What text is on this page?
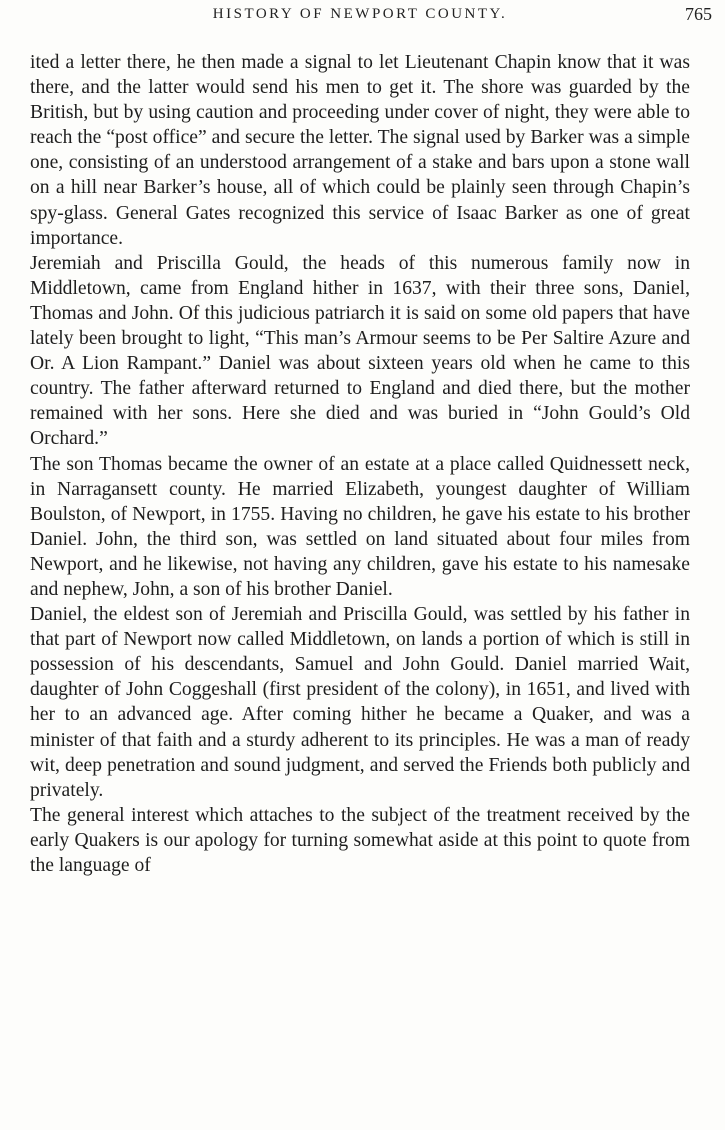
HISTORY OF NEWPORT COUNTY.	765

ited a letter there, he then made a signal to let Lieutenant Chapin know that it was there, and the latter would send his men to get it. The shore was guarded by the British, but by using caution and proceeding under cover of night, they were able to reach the “post office” and secure the letter. The signal used by Barker was a simple one, consisting of an understood arrangement of a stake and bars upon a stone wall on a hill near Barker’s house, all of which could be plainly seen through Chapin’s spy-glass. General Gates recognized this service of Isaac Barker as one of great importance.

Jeremiah and Priscilla Gould, the heads of this numerous family now in Middletown, came from England hither in 1637, with their three sons, Daniel, Thomas and John. Of this judicious patriarch it is said on some old papers that have lately been brought to light, “This man’s Armour seems to be Per Saltire Azure and Or. A Lion Rampant.” Daniel was about sixteen years old when he came to this country. The father afterward returned to England and died there, but the mother remained with her sons. Here she died and was buried in “John Gould’s Old Orchard.”

The son Thomas became the owner of an estate at a place called Quidnessett neck, in Narragansett county. He married Elizabeth, youngest daughter of William Boulston, of Newport, in 1755. Having no children, he gave his estate to his brother Daniel. John, the third son, was settled on land situated about four miles from Newport, and he likewise, not having any children, gave his estate to his namesake and nephew, John, a son of his brother Daniel.

Daniel, the eldest son of Jeremiah and Priscilla Gould, was settled by his father in that part of Newport now called Middletown, on lands a portion of which is still in possession of his descendants, Samuel and John Gould. Daniel married Wait, daughter of John Coggeshall (first president of the colony), in 1651, and lived with her to an advanced age. After coming hither he became a Quaker, and was a minister of that faith and a sturdy adherent to its principles. He was a man of ready wit, deep penetration and sound judgment, and served the Friends both publicly and privately.

The general interest which attaches to the subject of the treatment received by the early Quakers is our apology for turning somewhat aside at this point to quote from the language of
